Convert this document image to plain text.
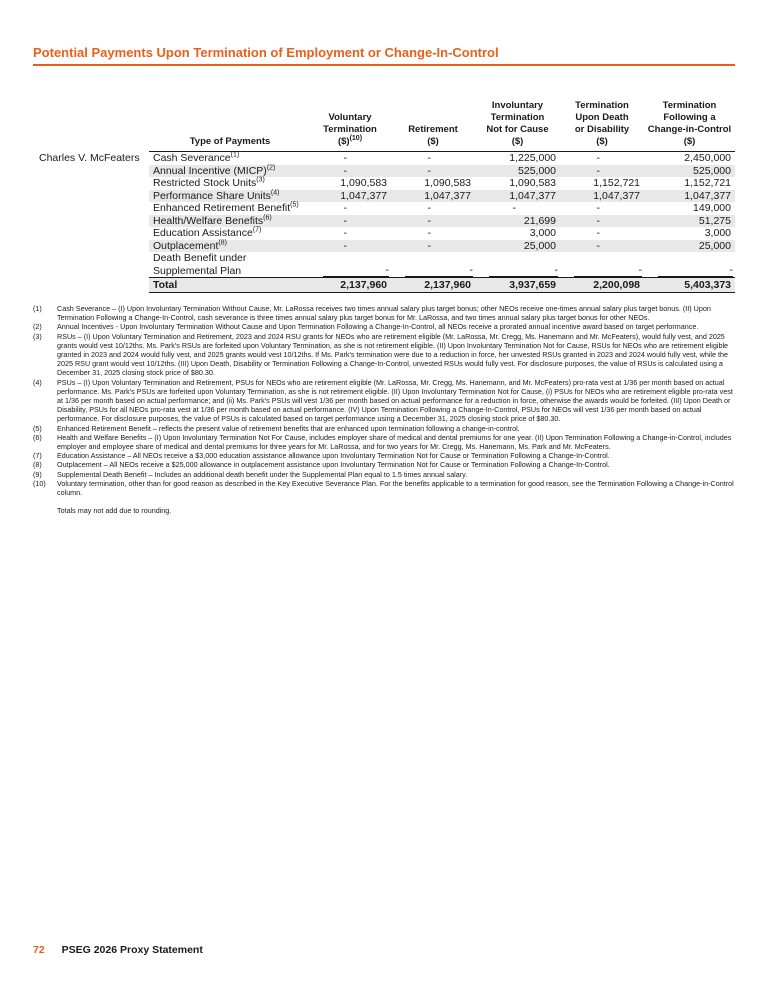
Potential Payments Upon Termination of Employment or Change-In-Control
	Type of Payments	Voluntary
Termination
($)$^{(10)}$	Retirement
($)	Involuntary
Termination
Not for Cause
($)	Termination
Upon Death
or Disability
($)	Termination
Following a
Change-in-Control
($)
Charles V. McFeaters	Cash Severance$^{(1)}$	-	-	1,225,000	-	2,450,000
	Annual Incentive (MICP)$^{(2)}$	-	-	525,000	-	525,000
	Restricted Stock Units$^{(3)}$	1,090,583	1,090,583	1,090,583	1,152,721	1,152,721
	Performance Share Units$^{(4)}$	1,047,377	1,047,377	1,047,377	1,047,377	1,047,377
	Enhanced Retirement Benefit$^{(5)}$	-	-	-	-	149,000
	Health/Welfare Benefits$^{(6)}$	-	-	21,699	-	51,275
	Education Assistance$^{(7)}$	-	-	3,000	-	3,000
	Outplacement$^{(8)}$	-	-	25,000	-	25,000
	Death Benefit under
Supplemental Plan	-	-	-	-	-
	Total	2,137,960	2,137,960	3,937,659	2,200,098	5,403,373
(1)	Cash Severance – (I) Upon Involuntary Termination Without Cause, Mr. LaRossa receives two times annual salary plus target bonus; other NEOs receive one-times annual salary plus target bonus. (II) Upon Termination Following a Change-In-Control, cash severance is three times annual salary plus target bonus for Mr. LaRossa, and two times annual salary plus target bonus for other NEOs.
(2)	Annual Incentives - Upon Involuntary Termination Without Cause and Upon Termination Following a Change-In-Control, all NEOs receive a prorated annual incentive award based on target performance.
(3)	RSUs – (I) Upon Voluntary Termination and Retirement, 2023 and 2024 RSU grants for NEOs who are retirement eligible (Mr. LaRossa, Mr. Cregg, Ms. Hanemann and Mr. McFeaters), would fully vest, and 2025 grants would vest 10/12ths. Ms. Park's RSUs are forfeited upon Voluntary Termination, as she is not retirement eligible. (II) Upon Involuntary Termination Not for Cause, RSUs for NEOs who are retirement eligible granted in 2023 and 2024 would fully vest, and 2025 grants would vest 10/12ths. If Ms. Park's termination were due to a reduction in force, her unvested RSUs granted in 2023 and 2024 would fully vest, while the 2025 RSU grant would vest 10/12ths. (III) Upon Death, Disability or Termination Following a Change-In-Control, unvested RSUs would fully vest. For disclosure purposes, the value of RSUs is calculated using a December 31, 2025 closing stock price of $80.30.
(4)	PSUs – (I) Upon Voluntary Termination and Retirement, PSUs for NEOs who are retirement eligible (Mr. LaRossa, Mr. Cregg, Ms. Hanemann, and Mr. McFeaters) pro-rata vest at 1/36 per month based on actual performance. Ms. Park's PSUs are forfeited upon Voluntary Termination, as she is not retirement eligible. (II) Upon Involuntary Termination Not for Cause, (i) PSUs for NEOs who are retirement eligible pro-rata vest at 1/36 per month based on actual performance; and (ii) Ms. Park's PSUs will vest 1/36 per month based on actual performance for a reduction in force, otherwise the awards would be forfeited. (III) Upon Death or Disability, PSUs for all NEOs pro-rata vest at 1/36 per month based on actual performance. (IV) Upon Termination Following a Change-In-Control, PSUs for NEOs will vest 1/36 per month based on actual performance. For disclosure purposes, the value of PSUs is calculated based on target performance using a December 31, 2025 closing stock price of $80.30.
(5)	Enhanced Retirement Benefit – reflects the present value of retirement benefits that are enhanced upon termination following a change-in-control.
(6)	Health and Welfare Benefits – (I) Upon Involuntary Termination Not For Cause, includes employer share of medical and dental premiums for one year. (II) Upon Termination Following a Change-in-Control, includes employer and employee share of medical and dental premiums for three years for Mr. LaRossa, and for two years for Mr. Cregg, Ms. Hanemann, Ms. Park and Mr. McFeaters.
(7)	Education Assistance – All NEOs receive a $3,000 education assistance allowance upon Involuntary Termination Not for Cause or Termination Following a Change-In-Control.
(8)	Outplacement – All NEOs receive a $25,000 allowance in outplacement assistance upon Involuntary Termination Not for Cause or Termination Following a Change-In-Control.
(9)	Supplemental Death Benefit – Includes an additional death benefit under the Supplemental Plan equal to 1.5 times annual salary.
(10)	Voluntary termination, other than for good reason as described in the Key Executive Severance Plan. For the benefits applicable to a termination for good reason, see the Termination Following a Change-in-Control column.
Totals may not add due to rounding.
72 PSEG 2026 Proxy Statement
